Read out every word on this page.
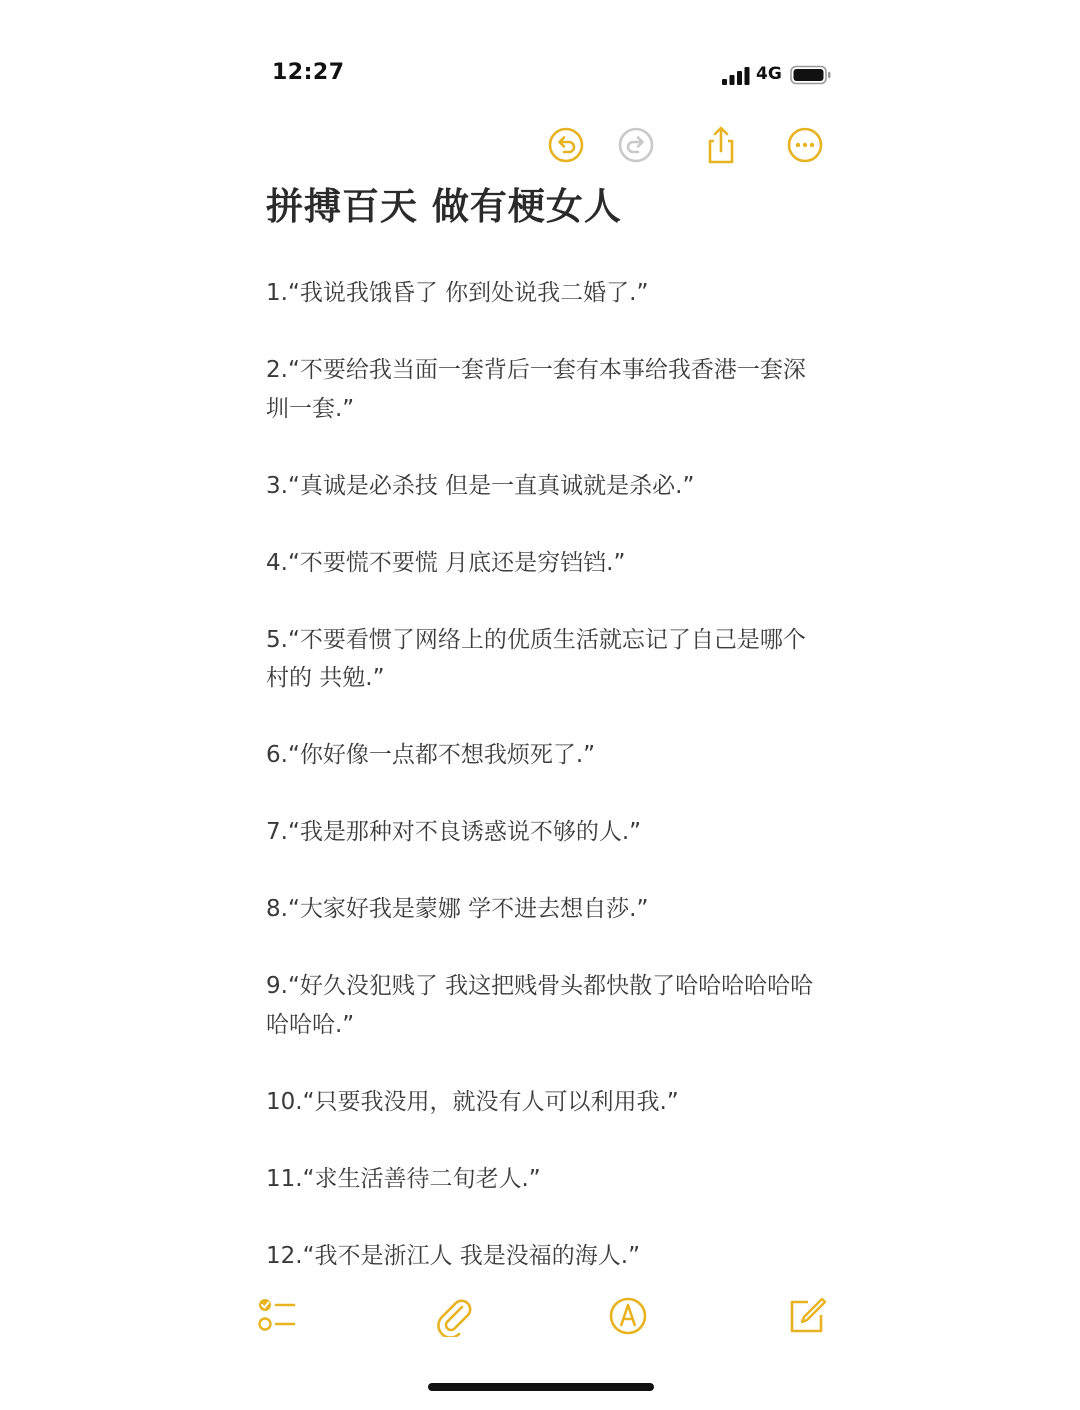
12:27	4G
拼搏百天 做有梗女人

1.“我说我饿昏了 你到处说我二婚了.”

2.“不要给我当面一套背后一套有本事给我香港一套深圳一套.”

3.“真诚是必杀技 但是一直真诚就是杀必.”

4.“不要慌不要慌 月底还是穷铛铛.”

5.“不要看惯了网络上的优质生活就忘记了自己是哪个村的 共勉.”

6.“你好像一点都不想我烦死了.”

7.“我是那种对不良诱惑说不够的人.”

8.“大家好我是蒙娜 学不进去想自莎.”

9.“好久没犯贱了 我这把贱骨头都快散了哈哈哈哈哈哈哈哈哈.”

10.“只要我没用，就没有人可以利用我.”

11.“求生活善待二旬老人.”

12.“我不是浙江人 我是没福的海人.”
